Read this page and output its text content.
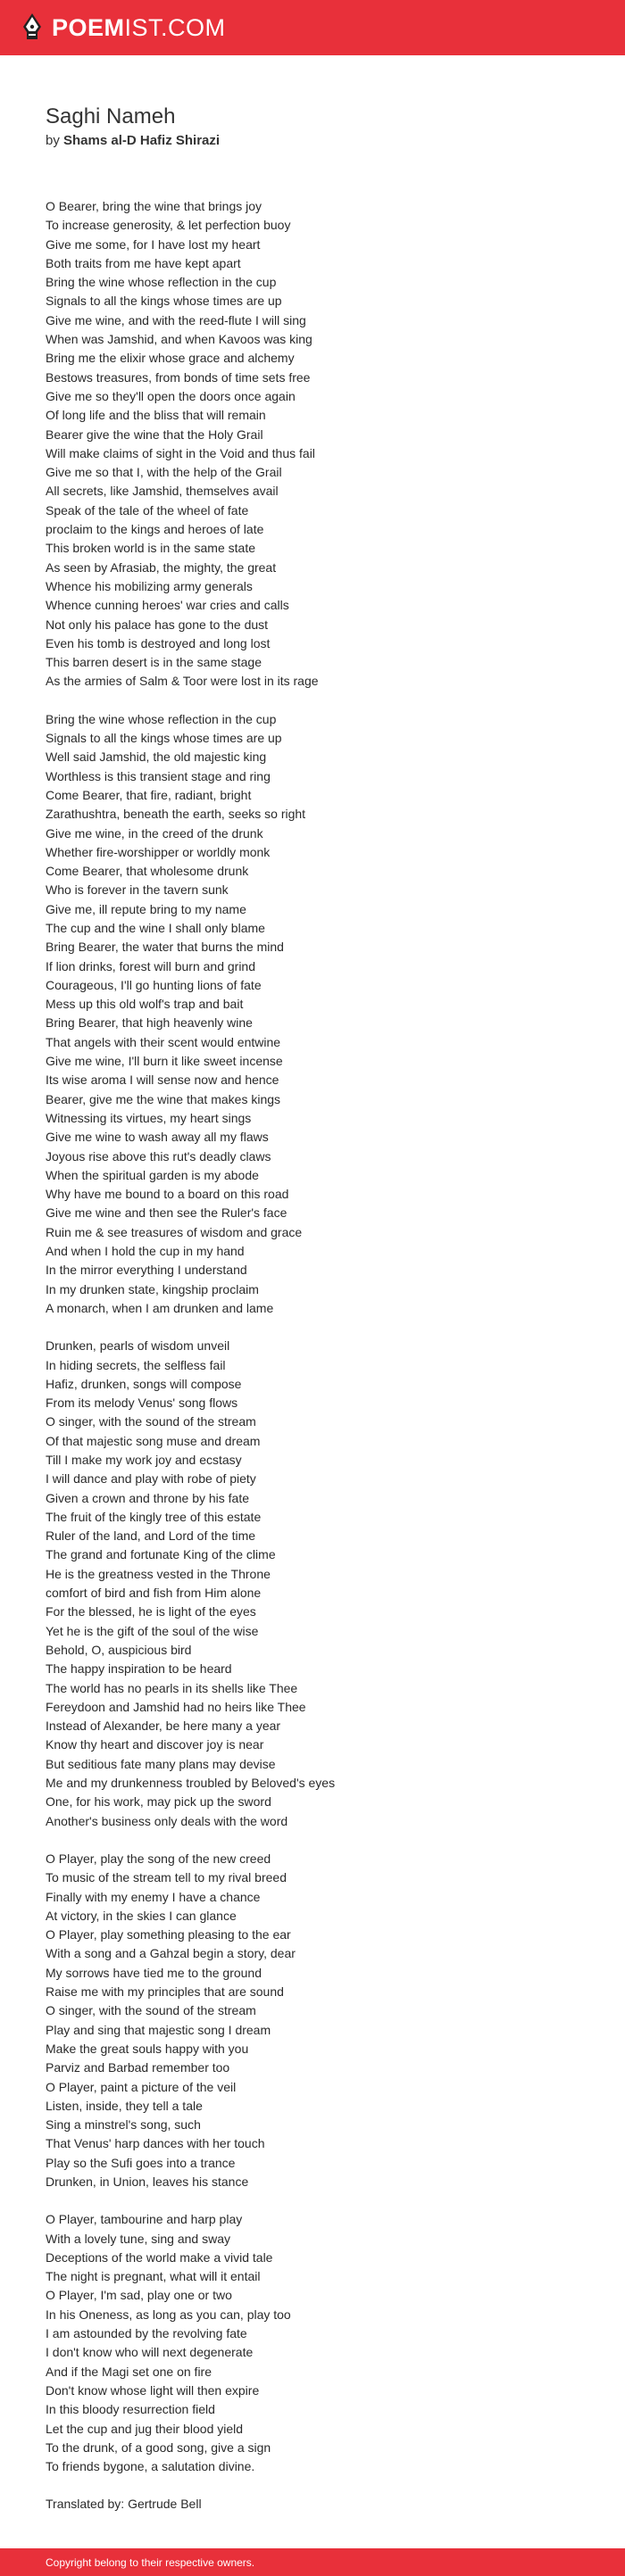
POEMIST.COM
Saghi Nameh
by Shams al-D Hafiz Shirazi
O Bearer, bring the wine that brings joy
To increase generosity, & let perfection buoy
Give me some, for I have lost my heart
Both traits from me have kept apart
Bring the wine whose reflection in the cup
Signals to all the kings whose times are up
Give me wine, and with the reed-flute I will sing
When was Jamshid, and when Kavoos was king
Bring me the elixir whose grace and alchemy
Bestows treasures, from bonds of time sets free
Give me so they'll open the doors once again
Of long life and the bliss that will remain
Bearer give the wine that the Holy Grail
Will make claims of sight in the Void and thus fail
Give me so that I, with the help of the Grail
All secrets, like Jamshid, themselves avail
Speak of the tale of the wheel of fate
proclaim to the kings and heroes of late
This broken world is in the same state
As seen by Afrasiab, the mighty, the great
Whence his mobilizing army generals
Whence cunning heroes' war cries and calls
Not only his palace has gone to the dust
Even his tomb is destroyed and long lost
This barren desert is in the same stage
As the armies of Salm & Toor were lost in its rage
Bring the wine whose reflection in the cup
Signals to all the kings whose times are up
Well said Jamshid, the old majestic king
Worthless is this transient stage and ring
Come Bearer, that fire, radiant, bright
Zarathushtra, beneath the earth, seeks so right
Give me wine, in the creed of the drunk
Whether fire-worshipper or worldly monk
Come Bearer, that wholesome drunk
Who is forever in the tavern sunk
Give me, ill repute bring to my name
The cup and the wine I shall only blame
Bring Bearer, the water that burns the mind
If lion drinks, forest will burn and grind
Courageous, I'll go hunting lions of fate
Mess up this old wolf's trap and bait
Bring Bearer, that high heavenly wine
That angels with their scent would entwine
Give me wine, I'll burn it like sweet incense
Its wise aroma I will sense now and hence
Bearer, give me the wine that makes kings
Witnessing its virtues, my heart sings
Give me wine to wash away all my flaws
Joyous rise above this rut's deadly claws
When the spiritual garden is my abode
Why have me bound to a board on this road
Give me wine and then see the Ruler's face
Ruin me & see treasures of wisdom and grace
And when I hold the cup in my hand
In the mirror everything I understand
In my drunken state, kingship proclaim
A monarch, when I am drunken and lame
Drunken, pearls of wisdom unveil
In hiding secrets, the selfless fail
Hafiz, drunken, songs will compose
From its melody Venus' song flows
O singer, with the sound of the stream
Of that majestic song muse and dream
Till I make my work joy and ecstasy
I will dance and play with robe of piety
Given a crown and throne by his fate
The fruit of the kingly tree of this estate
Ruler of the land, and Lord of the time
The grand and fortunate King of the clime
He is the greatness vested in the Throne
comfort of bird and fish from Him alone
For the blessed, he is light of the eyes
Yet he is the gift of the soul of the wise
Behold, O, auspicious bird
The happy inspiration to be heard
The world has no pearls in its shells like Thee
Fereydoon and Jamshid had no heirs like Thee
Instead of Alexander, be here many a year
Know thy heart and discover joy is near
But seditious fate many plans may devise
Me and my drunkenness troubled by Beloved's eyes
One, for his work, may pick up the sword
Another's business only deals with the word
O Player, play the song of the new creed
To music of the stream tell to my rival breed
Finally with my enemy I have a chance
At victory, in the skies I can glance
O Player, play something pleasing to the ear
With a song and a Gahzal begin a story, dear
My sorrows have tied me to the ground
Raise me with my principles that are sound
O singer, with the sound of the stream
Play and sing that majestic song I dream
Make the great souls happy with you
Parviz and Barbad remember too
O Player, paint a picture of the veil
Listen, inside, they tell a tale
Sing a minstrel's song, such
That Venus' harp dances with her touch
Play so the Sufi goes into a trance
Drunken, in Union, leaves his stance
O Player, tambourine and harp play
With a lovely tune, sing and sway
Deceptions of the world make a vivid tale
The night is pregnant, what will it entail
O Player, I'm sad, play one or two
In his Oneness, as long as you can, play too
I am astounded by the revolving fate
I don't know who will next degenerate
And if the Magi set one on fire
Don't know whose light will then expire
In this bloody resurrection field
Let the cup and jug their blood yield
To the drunk, of a good song, give a sign
To friends bygone, a salutation divine.
Translated by: Gertrude Bell
Copyright belong to their respective owners.
